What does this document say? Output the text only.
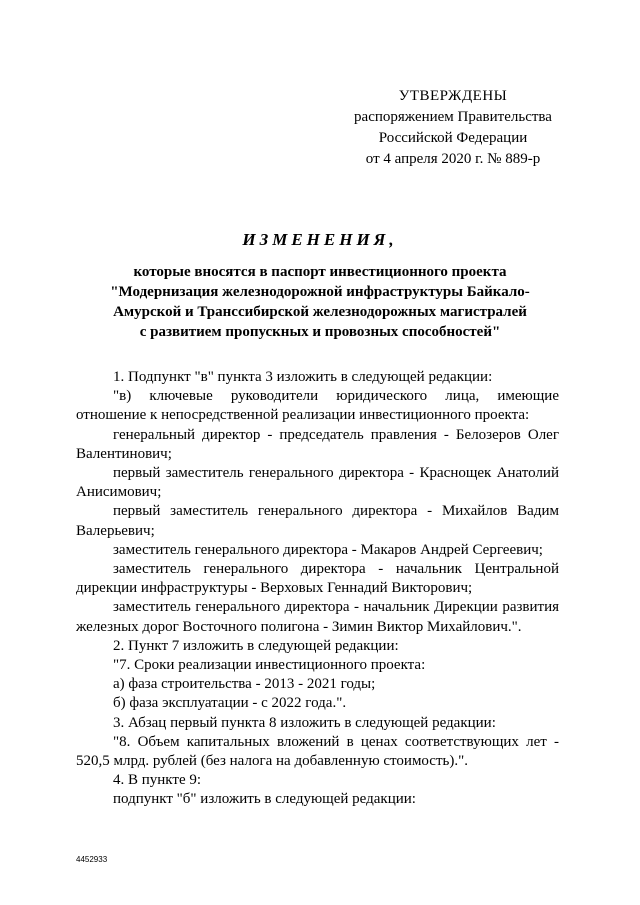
УТВЕРЖДЕНЫ
распоряжением Правительства
Российской Федерации
от 4 апреля 2020 г. № 889-р
ИЗМЕНЕНИЯ,
которые вносятся в паспорт инвестиционного проекта
"Модернизация железнодорожной инфраструктуры Байкало-
Амурской и Транссибирской железнодорожных магистралей
с развитием пропускных и провозных способностей"

1. Подпункт "в" пункта 3 изложить в следующей редакции:

"в) ключевые руководители юридического лица, имеющие отношение к непосредственной реализации инвестиционного проекта:

генеральный директор - председатель правления - Белозеров Олег Валентинович;

первый заместитель генерального директора - Краснощек Анатолий Анисимович;

первый заместитель генерального директора - Михайлов Вадим Валерьевич;

заместитель генерального директора - Макаров Андрей Сергеевич;

заместитель генерального директора - начальник Центральной дирекции инфраструктуры - Верховых Геннадий Викторович;

заместитель генерального директора - начальник Дирекции развития железных дорог Восточного полигона - Зимин Виктор Михайлович.".

2. Пункт 7 изложить в следующей редакции:

"7. Сроки реализации инвестиционного проекта:

а) фаза строительства - 2013 - 2021 годы;

б) фаза эксплуатации - с 2022 года.".

3. Абзац первый пункта 8 изложить в следующей редакции:

"8. Объем капитальных вложений в ценах соответствующих лет - 520,5 млрд. рублей (без налога на добавленную стоимость).".

4. В пункте 9:

подпункт "б" изложить в следующей редакции:

4452933
